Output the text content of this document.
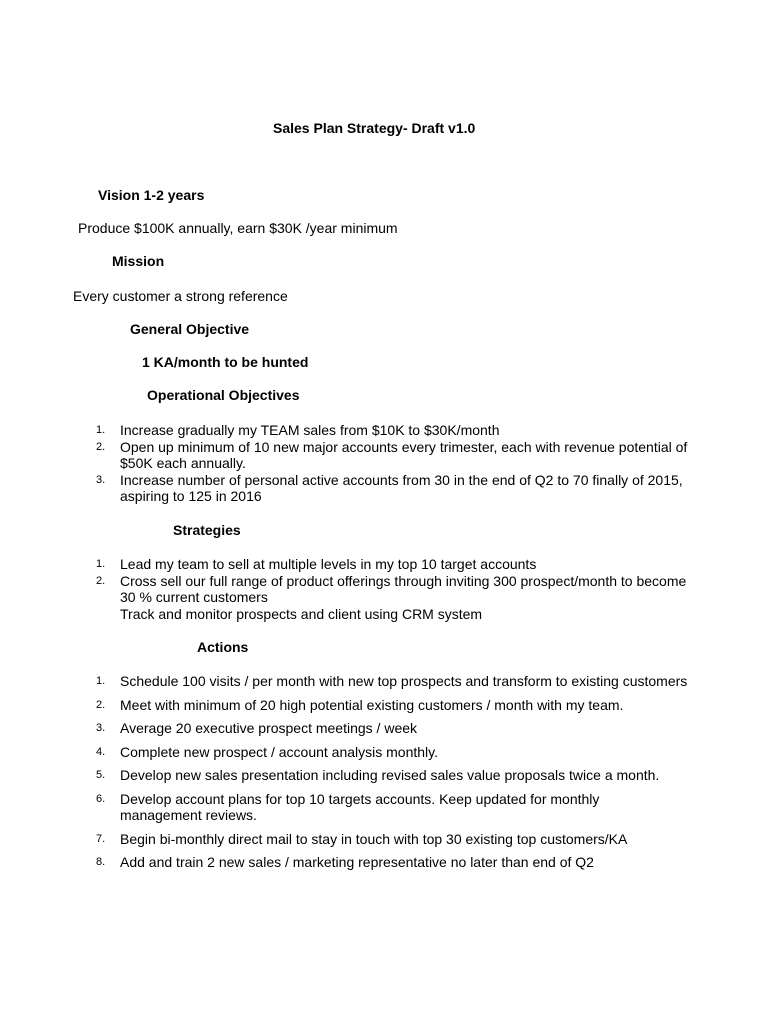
Sales Plan Strategy- Draft v1.0
Vision 1-2 years
Produce $100K annually, earn $30K /year minimum
Mission
Every customer a strong reference
General Objective
1 KA/month to be hunted
Operational Objectives
1.	Increase gradually my TEAM sales from $10K to $30K/month
2.	Open up minimum of 10 new major accounts every trimester, each with revenue potential of $50K each annually.
3.	Increase number of personal active accounts from 30 in the end of Q2 to 70 finally of 2015, aspiring to 125 in 2016
Strategies
1.	Lead my team to sell at multiple levels in my top 10 target accounts
2.	Cross sell our full range of product offerings through inviting 300 prospect/month to become 30 % current customers
Track and monitor prospects and client using CRM system
Actions
1.	Schedule 100 visits / per month with new top prospects and transform to existing customers
2.	Meet with minimum of 20 high potential existing customers / month with my team.
3.	Average 20 executive prospect meetings / week
4.	Complete new prospect / account analysis monthly.
5.	Develop new sales presentation including revised sales value proposals twice a month.
6.	Develop account plans for top 10 targets accounts. Keep updated for monthly management reviews.
7.	Begin bi-monthly direct mail to stay in touch with top 30 existing top customers/KA
8.	Add and train 2 new sales / marketing representative no later than end of Q2
